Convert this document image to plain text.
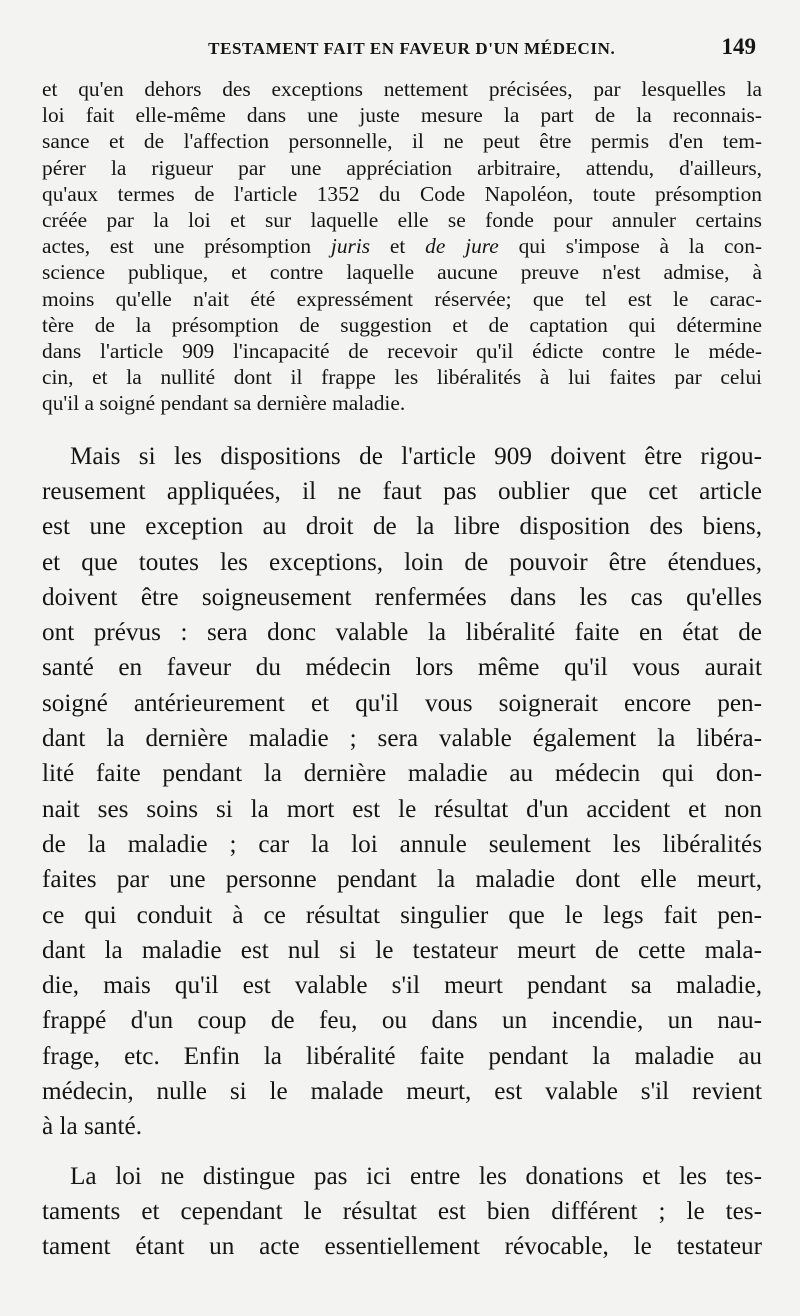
TESTAMENT FAIT EN FAVEUR D'UN MÉDECIN.	149

et qu'en dehors des exceptions nettement précisées, par lesquelles la
loi fait elle-même dans une juste mesure la part de la reconnais-
sance et de l'affection personnelle, il ne peut être permis d'en tem-
pérer la rigueur par une appréciation arbitraire, attendu, d'ailleurs,
qu'aux termes de l'article 1352 du Code Napoléon, toute présomption
créée par la loi et sur laquelle elle se fonde pour annuler certains
actes, est une présomption juris et de jure qui s'impose à la con-
science publique, et contre laquelle aucune preuve n'est admise, à
moins qu'elle n'ait été expressément réservée; que tel est le carac-
tère de la présomption de suggestion et de captation qui détermine
dans l'article 909 l'incapacité de recevoir qu'il édicte contre le méde-
cin, et la nullité dont il frappe les libéralités à lui faites par celui
qu'il a soigné pendant sa dernière maladie.

Mais si les dispositions de l'article 909 doivent être rigou-
reusement appliquées, il ne faut pas oublier que cet article
est une exception au droit de la libre disposition des biens,
et que toutes les exceptions, loin de pouvoir être étendues,
doivent être soigneusement renfermées dans les cas qu'elles
ont prévus : sera donc valable la libéralité faite en état de
santé en faveur du médecin lors même qu'il vous aurait
soigné antérieurement et qu'il vous soignerait encore pen-
dant la dernière maladie ; sera valable également la libéra-
lité faite pendant la dernière maladie au médecin qui don-
nait ses soins si la mort est le résultat d'un accident et non
de la maladie ; car la loi annule seulement les libéralités
faites par une personne pendant la maladie dont elle meurt,
ce qui conduit à ce résultat singulier que le legs fait pen-
dant la maladie est nul si le testateur meurt de cette mala-
die, mais qu'il est valable s'il meurt pendant sa maladie,
frappé d'un coup de feu, ou dans un incendie, un nau-
frage, etc. Enfin la libéralité faite pendant la maladie au
médecin, nulle si le malade meurt, est valable s'il revient
à la santé.

La loi ne distingue pas ici entre les donations et les tes-
taments et cependant le résultat est bien différent ; le tes-
tament étant un acte essentiellement révocable, le testateur
